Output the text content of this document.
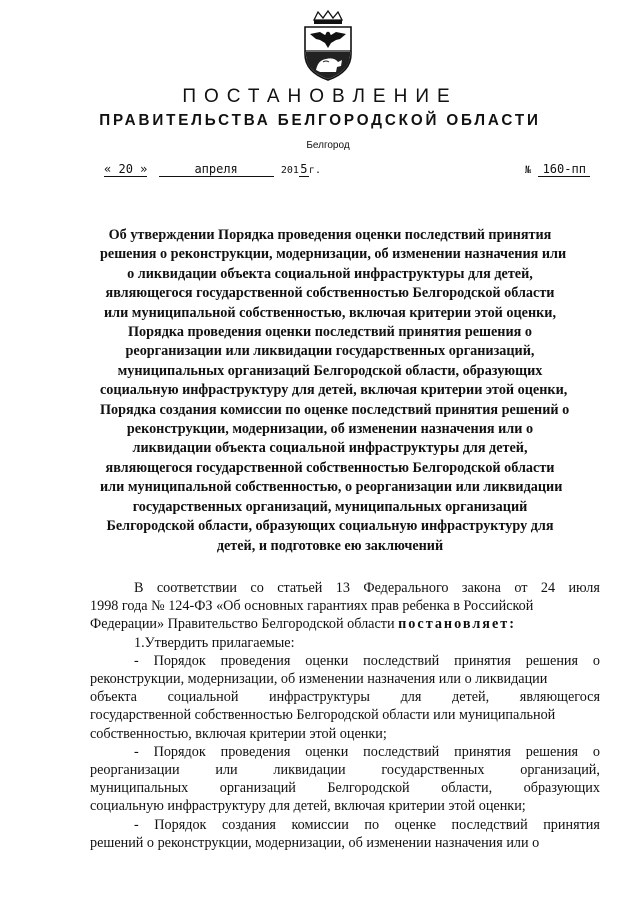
ПОСТАНОВЛЕНИЕ
ПРАВИТЕЛЬСТВА БЕЛГОРОДСКОЙ ОБЛАСТИ
Белгород
« 20 »	апреля	2015г.	№ 160-пп
Об утверждении Порядка проведения оценки последствий принятия
решения о реконструкции, модернизации, об изменении назначения или
о ликвидации объекта социальной инфраструктуры для детей,
являющегося государственной собственностью Белгородской области
или муниципальной собственностью, включая критерии этой оценки,
Порядка проведения оценки последствий принятия решения о
реорганизации или ликвидации государственных организаций,
муниципальных организаций Белгородской области, образующих
социальную инфраструктуру для детей, включая критерии этой оценки,
Порядка создания комиссии по оценке последствий принятия решений о
реконструкции, модернизации, об изменении назначения или о
ликвидации объекта социальной инфраструктуры для детей,
являющегося государственной собственностью Белгородской области
или муниципальной собственностью, о реорганизации или ликвидации
государственных организаций, муниципальных организаций
Белгородской области, образующих социальную инфраструктуру для
детей, и подготовке ею заключений
В соответствии со статьей 13 Федерального закона от 24 июля
1998 года № 124-ФЗ «Об основных гарантиях прав ребенка в Российской
Федерации» Правительство Белгородской области постановляет:
1.Утвердить прилагаемые:
- Порядок проведения оценки последствий принятия решения о
реконструкции, модернизации, об изменении назначения или о ликвидации
объекта социальной инфраструктуры для детей, являющегося
государственной собственностью Белгородской области или муниципальной
собственностью, включая критерии этой оценки;
- Порядок проведения оценки последствий принятия решения о
реорганизации	или	ликвидации	государственных	организаций,
муниципальных организаций Белгородской области, образующих
социальную инфраструктуру для детей, включая критерии этой оценки;
- Порядок создания комиссии по оценке последствий принятия
решений о реконструкции, модернизации, об изменении назначения или о
